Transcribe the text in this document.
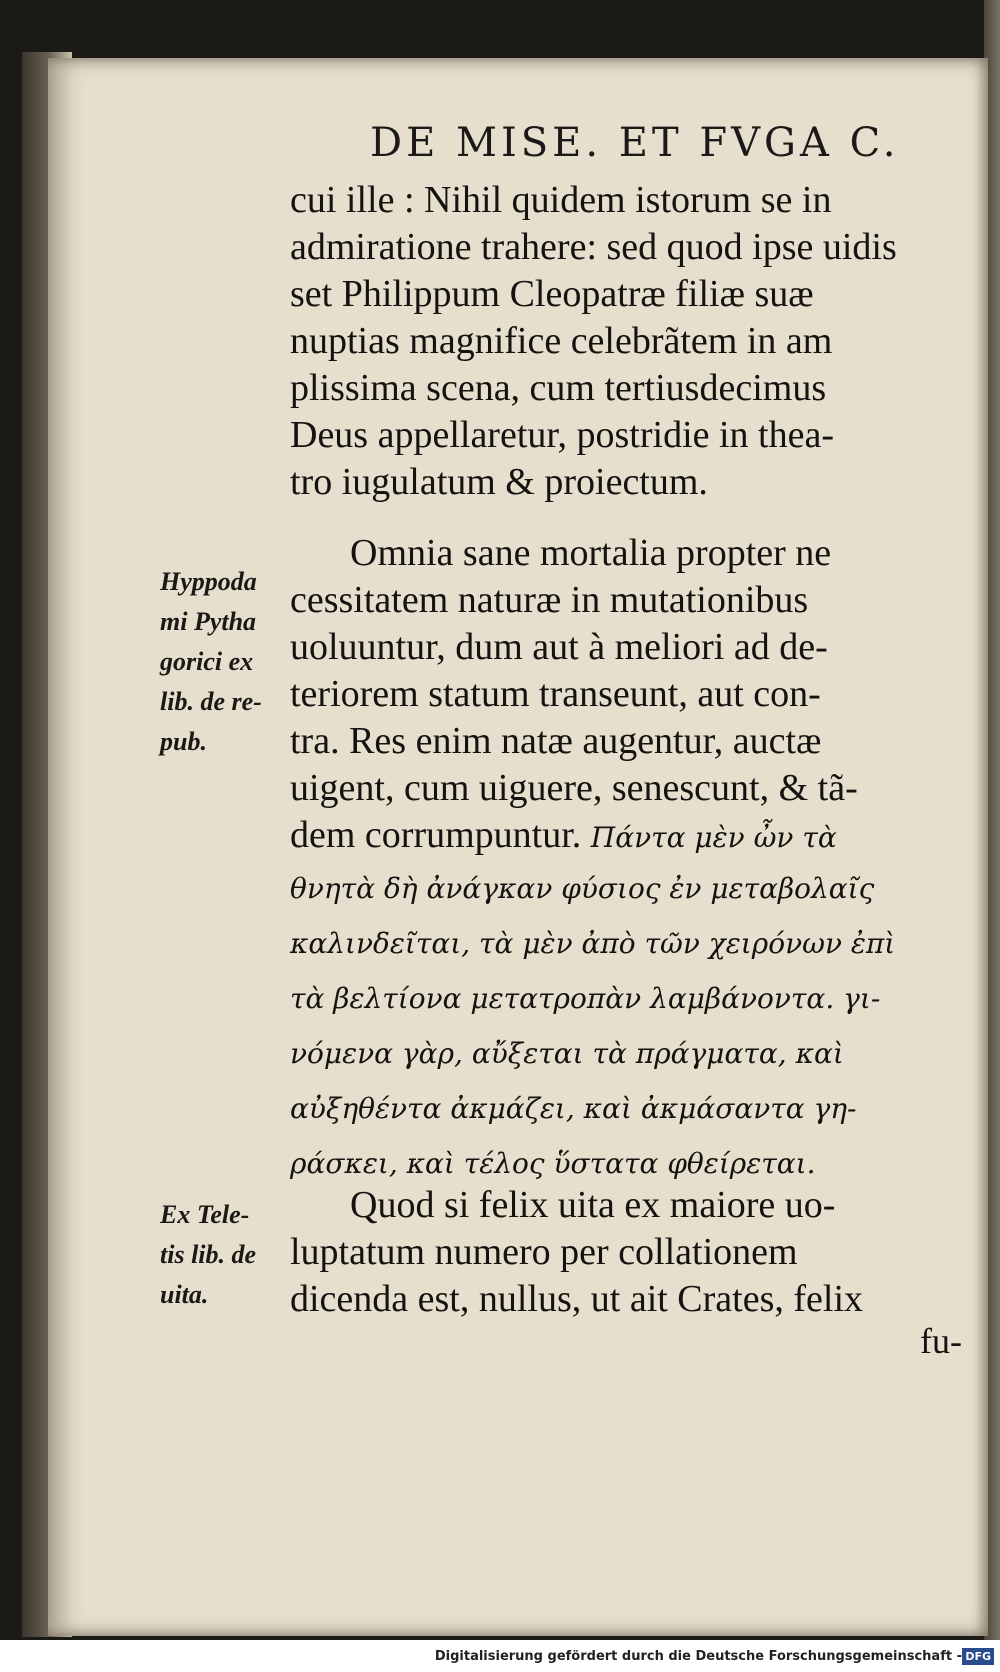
DE MISE. ET FVGA C.

cui ille : Nihil quidem istorum se in
admiratione trahere: sed quod ipse uidis
set Philippum Cleopatræ filiæ suæ
nuptias magnifice celebrãtem in am
plissima scena, cum tertiusdecimus
Deus appellaretur, postridie in thea-
tro iugulatum & proiectum.

Omnia sane mortalia propter ne
cessitatem naturæ in mutationibus
uoluuntur, dum aut à meliori ad de-
teriorem statum transeunt, aut con-
tra. Res enim natæ augentur, auctæ
uigent, cum uiguere, senescunt, & tã-
dem corrumpuntur. Πάντα μὲν ὦν τὰ
θνητὰ δὴ ἀνάγκαν φύσιος ἐν μεταβολαῖς
καλινδεῖται, τὰ μὲν ἀπὸ τῶν χειρόνων ἐπὶ
τὰ βελτίονα μετατροπὰν λαμβάνοντα. γι-
νόμενα γὰρ, αὔξεται τὰ πράγματα, καὶ
αὐξηθέντα ἀκμάζει, καὶ ἀκμάσαντα γη-
ράσκει, καὶ τέλος ὕστατα φθείρεται.

Quod si felix uita ex maiore uo-
luptatum numero per collationem
dicenda est, nullus, ut ait Crates, felix

fu-

Hyppoda
mi Pytha
gorici ex
lib. de re-
pub.

Ex Tele-
tis lib. de
uita.

Digitalisierung gefördert durch die Deutsche Forschungsgemeinschaft - DFG
